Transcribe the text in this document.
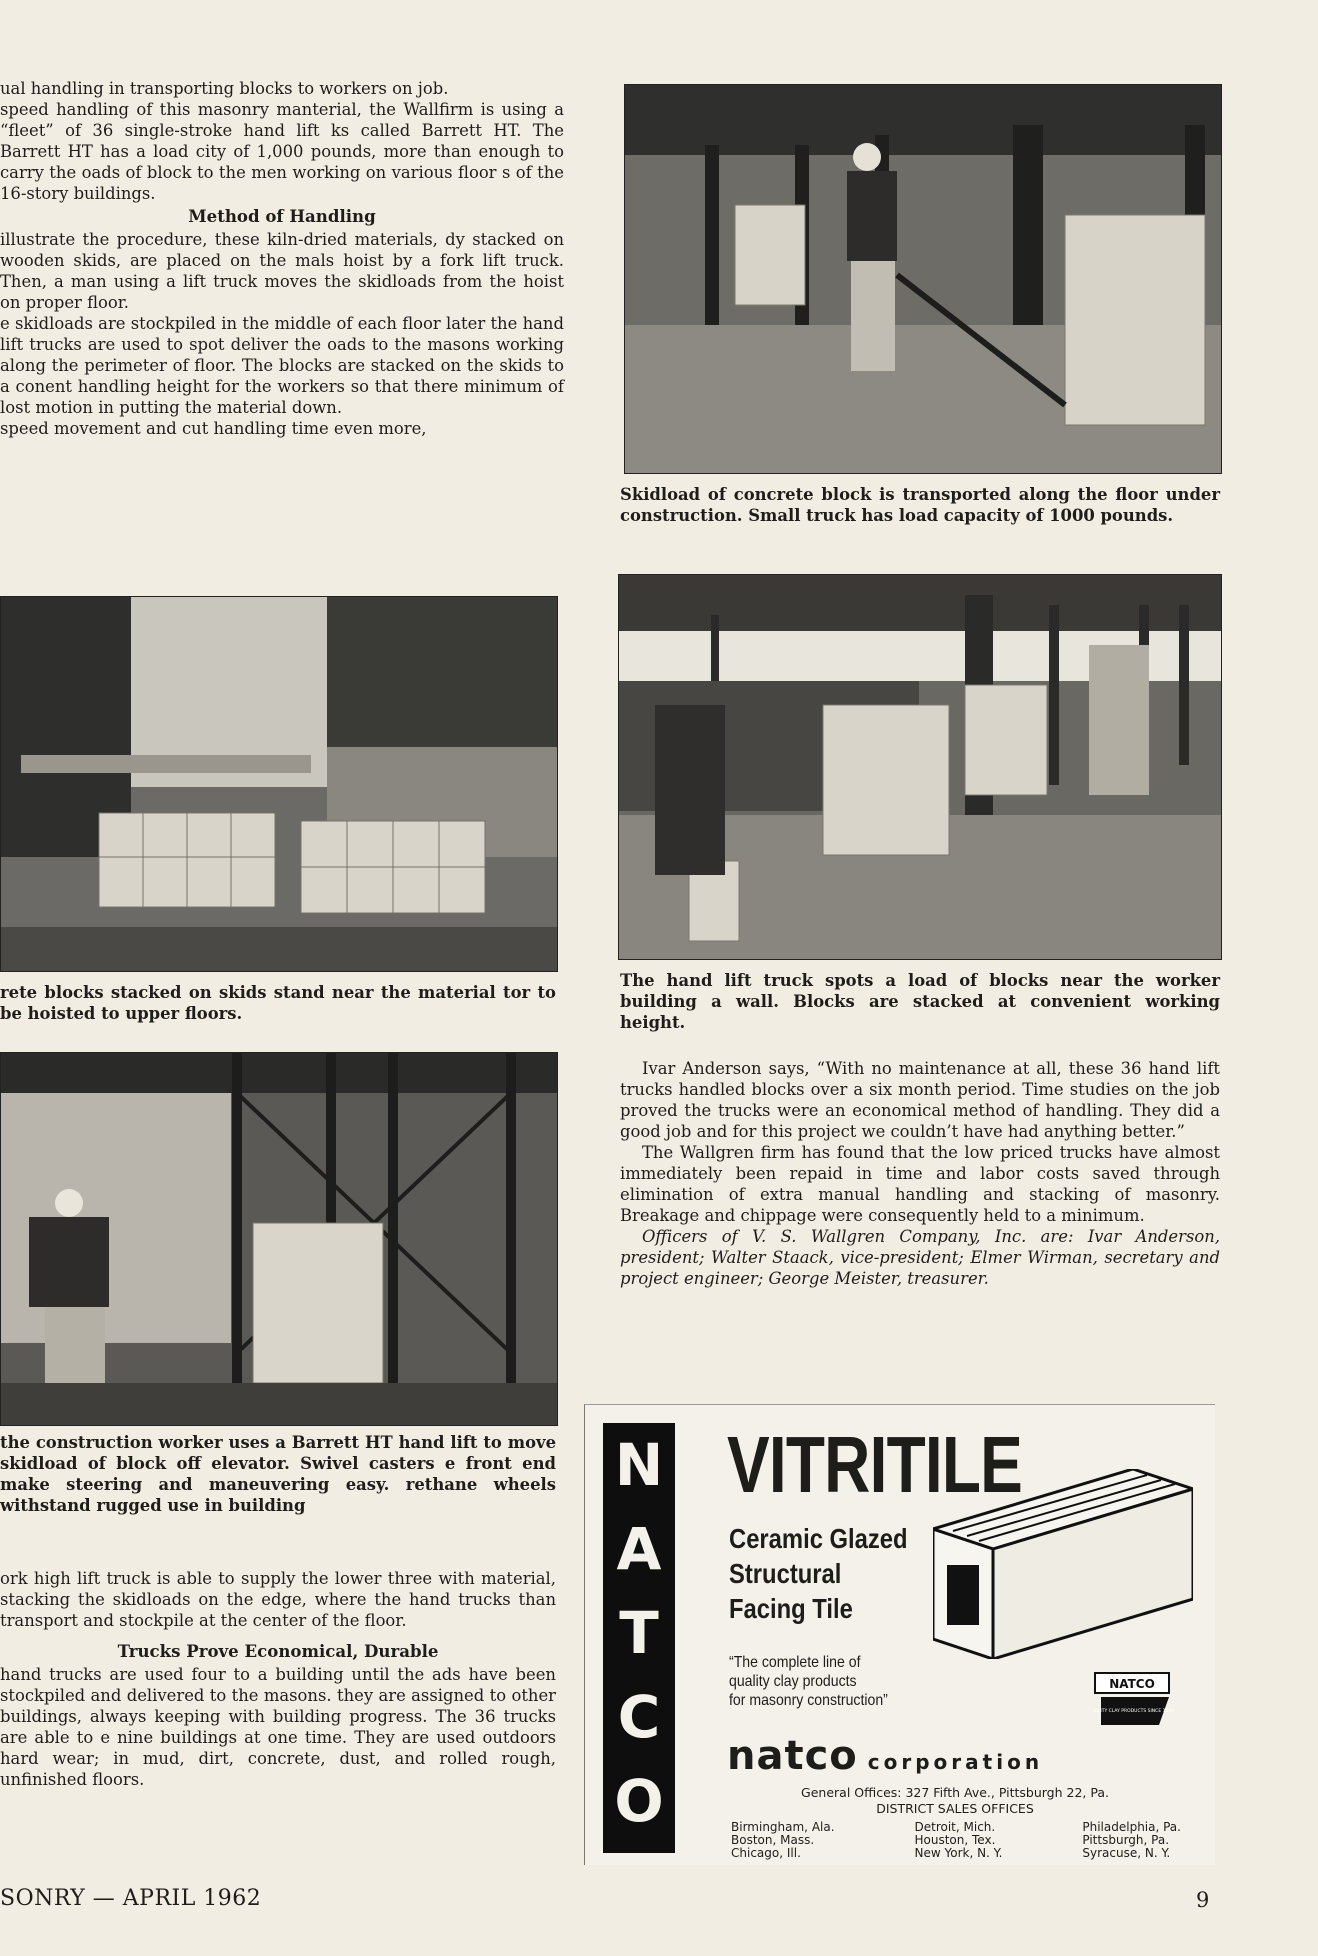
ual handling in transporting blocks to workers on job.

speed handling of this masonry manterial, the Wallfirm is using a “fleet” of 36 single-stroke hand lift ks called Barrett HT. The Barrett HT has a load city of 1,000 pounds, more than enough to carry the oads of block to the men working on various floor s of the 16-story buildings.

Method of Handling

illustrate the procedure, these kiln-dried materials, dy stacked on wooden skids, are placed on the mals hoist by a fork lift truck. Then, a man using a lift truck moves the skidloads from the hoist on proper floor.

e skidloads are stockpiled in the middle of each floor later the hand lift trucks are used to spot deliver the oads to the masons working along the perimeter of floor. The blocks are stacked on the skids to a conent handling height for the workers so that there minimum of lost motion in putting the material down.

speed movement and cut handling time even more,

rete blocks stacked on skids stand near the material tor to be hoisted to upper floors.
the construction worker uses a Barrett HT hand lift to move skidload of block off elevator. Swivel casters e front end make steering and maneuvering easy. rethane wheels withstand rugged use in building

ork high lift truck is able to supply the lower three with material, stacking the skidloads on the edge, where the hand trucks than transport and stockpile at the center of the floor.

Trucks Prove Economical, Durable

hand trucks are used four to a building until the ads have been stockpiled and delivered to the masons. they are assigned to other buildings, always keeping with building progress. The 36 trucks are able to e nine buildings at one time. They are used outdoors hard wear; in mud, dirt, concrete, dust, and rolled rough, unfinished floors.

Skidload of concrete block is transported along the floor under construction. Small truck has load capacity of 1000 pounds.
The hand lift truck spots a load of blocks near the worker building a wall. Blocks are stacked at convenient working height.

Ivar Anderson says, “With no maintenance at all, these 36 hand lift trucks handled blocks over a six month period. Time studies on the job proved the trucks were an economical method of handling. They did a good job and for this project we couldn’t have had anything better.”

The Wallgren firm has found that the low priced trucks have almost immediately been repaid in time and labor costs saved through elimination of extra manual handling and stacking of masonry. Breakage and chippage were consequently held to a minimum.

Officers of V. S. Wallgren Company, Inc. are: Ivar Anderson, president; Walter Staack, vice-president; Elmer Wirman, secretary and project engineer; George Meister, treasurer.

N
A
T
C
O
VITRITILE
Ceramic Glazed
Structural
Facing Tile
“The complete line of
quality clay products
for masonry construction”
NATCO
QUALITY CLAY PRODUCTS SINCE 1889
natco corporation
General Offices: 327 Fifth Ave., Pittsburgh 22, Pa.
DISTRICT SALES OFFICES
Birmingham, Ala.
Boston, Mass.
Chicago, Ill.
Detroit, Mich.
Houston, Tex.
New York, N. Y.
Philadelphia, Pa.
Pittsburgh, Pa.
Syracuse, N. Y.
SONRY — APRIL 1962	9
